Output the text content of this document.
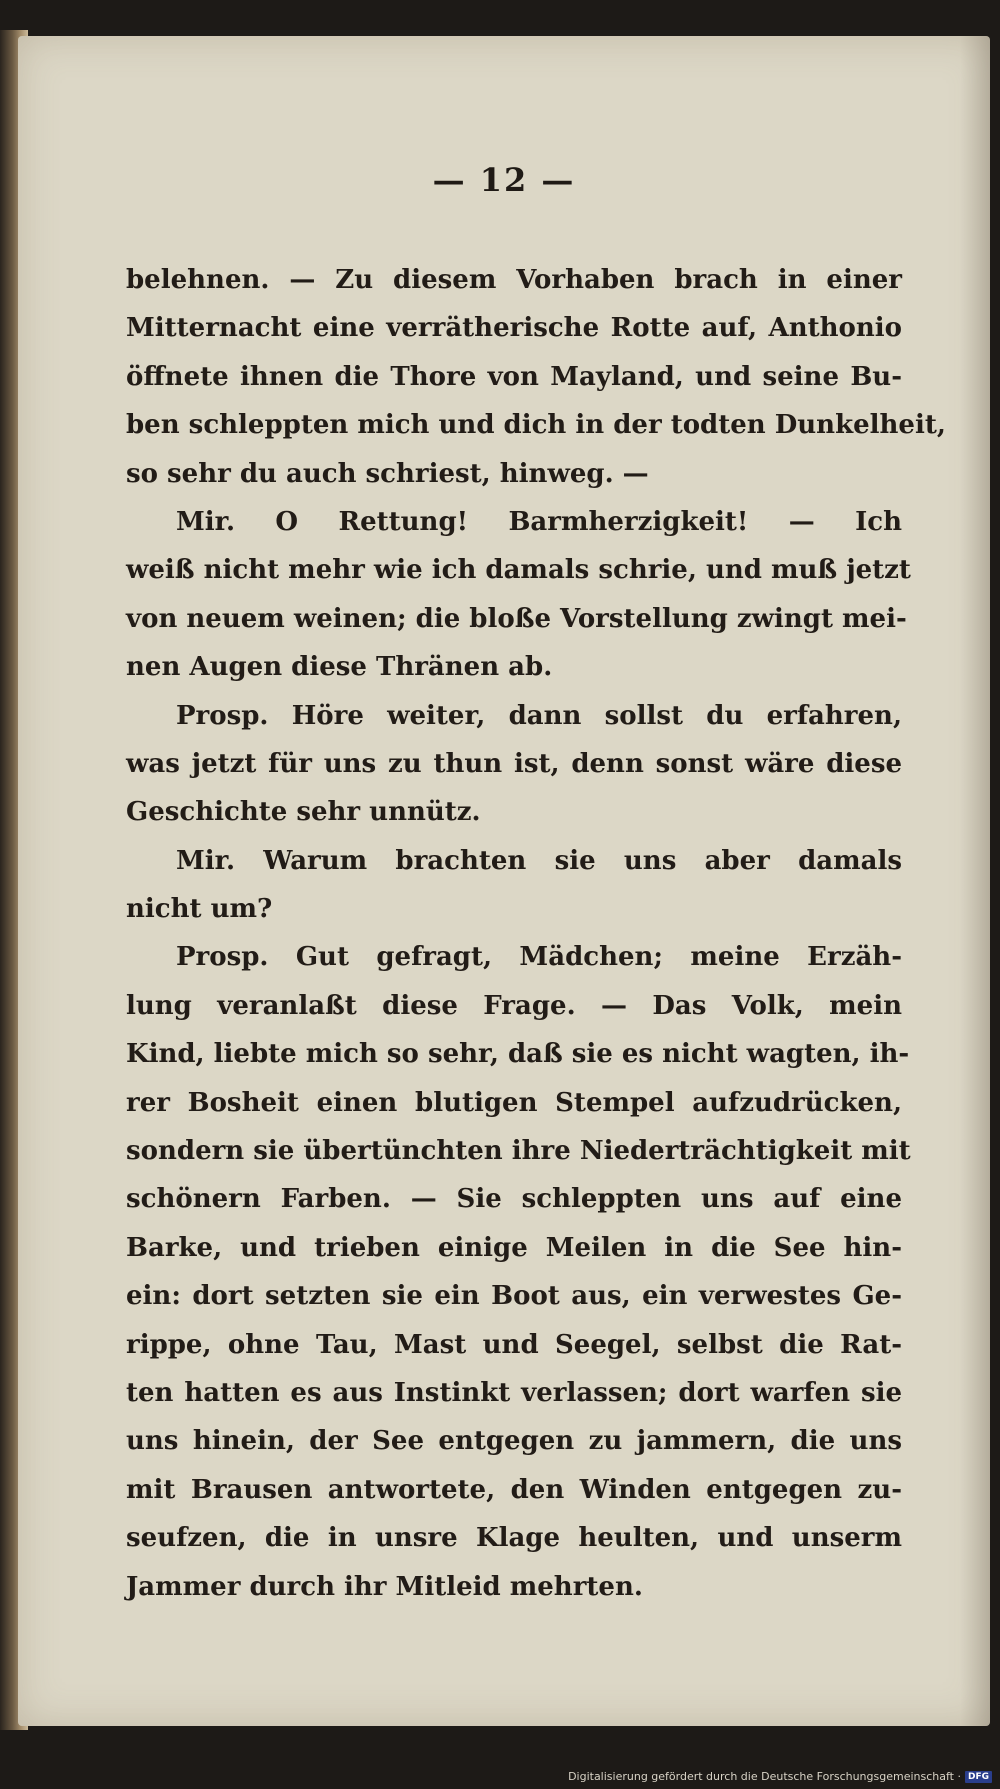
— 12 —
belehnen. — Zu diesem Vorhaben brach in einer
Mitternacht eine verrätherische Rotte auf, Anthonio
öffnete ihnen die Thore von Mayland, und seine Bu-
ben schleppten mich und dich in der todten Dunkelheit,
so sehr du auch schriest, hinweg. —
Mir. O Rettung! Barmherzigkeit! — Ich
weiß nicht mehr wie ich damals schrie, und muß jetzt
von neuem weinen; die bloße Vorstellung zwingt mei-
nen Augen diese Thränen ab.
Prosp. Höre weiter, dann sollst du erfahren,
was jetzt für uns zu thun ist, denn sonst wäre diese
Geschichte sehr unnütz.
Mir. Warum brachten sie uns aber damals
nicht um?
Prosp. Gut gefragt, Mädchen; meine Erzäh-
lung veranlaßt diese Frage. — Das Volk, mein
Kind, liebte mich so sehr, daß sie es nicht wagten, ih-
rer Bosheit einen blutigen Stempel aufzudrücken,
sondern sie übertünchten ihre Niederträchtigkeit mit
schönern Farben. — Sie schleppten uns auf eine
Barke, und trieben einige Meilen in die See hin-
ein: dort setzten sie ein Boot aus, ein verwestes Ge-
rippe, ohne Tau, Mast und Seegel, selbst die Rat-
ten hatten es aus Instinkt verlassen; dort warfen sie
uns hinein, der See entgegen zu jammern, die uns
mit Brausen antwortete, den Winden entgegen zu-
seufzen, die in unsre Klage heulten, und unserm
Jammer durch ihr Mitleid mehrten.
Digitalisierung gefördert durch die Deutsche Forschungsgemeinschaft · DFG
